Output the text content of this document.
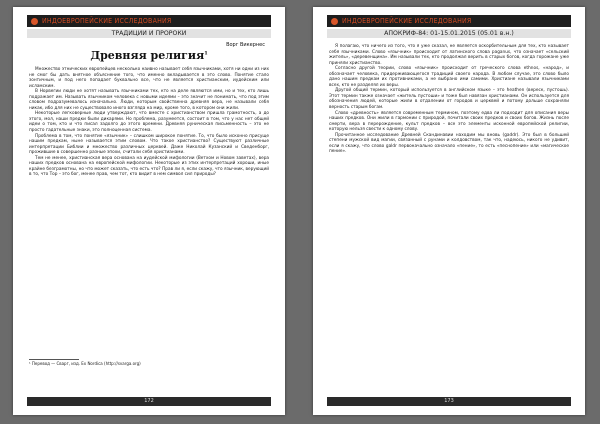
ИНДОЕВРОПЕЙСКИЕ ИССЛЕДОВАНИЯ
ТРАДИЦИИ И ПРОРОКИ
Ворг Викернес
Древняя религия$^1$

Множество этнических европейцев несколько наивно называет себя язычниками, хотя ни одни из них не смог бы дать внятное объяснение того, что именно вкладывается в это слово. Понятие стало зонтичным, и под него попадает буквально все, что не является христианским, иудейским или исламским.

В Норвегии люди не хотят называть язычниками тех, кто на деле являются ими, но и тех, кто лишь подражает им. Называть язычником человека с новыми идеями – это значит не понимать, что под этим словом подразумевалось изначально. Люди, которым свойственна древняя вера, не называли себя никак, ибо для них не существовало иного взгляда на мир, кроме того, в котором они жили.

Некоторые легковерные люди утверждают, что вместе с христианством пришла грамотность, а до этого, мол, наши предки были дикарями. Но проблема, разумеется, состоит в том, что у нас нет общей идеи о том, кто и что писал задолго до этого времени. Древняя руническая письменность – это не просто гадательные знаки, это полноценная система.

Проблема в том, что понятие «язычник» – слишком широкое понятие. То, что было исконно присуще нашим предкам, ныне называется этим словом. Что такое христианство? Существуют различные интерпретации Библии и множество различных церквей. Даже Николай Кузанский и Сведенборг, прожившие в совершенно разные эпохи, считали себя христианами.

Тем не менее, христианская вера основана на иудейской мифологии (Ветхом и Новом заветах), вера наших предков основана на европейской мифологии. Некоторые из этих интерпретаций хороши, иные крайне безграмотны, но что может сказать, что есть что? Прав ли я, если скажу, что язычник, верующий в то, что Тор – это бог, менее прав, чем тот, кто видит в нем символ сил природы?

¹ Перевод — Сварг, изд. Ex Nordica (http://svarga.org)
172
ИНДОЕВРОПЕЙСКИЕ ИССЛЕДОВАНИЯ
АПОКРИФ-84: 01-15.01.2015 (05.01 в.н.)

Я полагаю, что ничего из того, что я уже сказал, не является оскорбительным для тех, кто называет себя язычниками. Слово «язычник» происходит от латинского слова paganus, что означает «сельский житель», «деревенщина». Им называли тех, кто продолжал верить в старых богов, когда горожане уже приняли христианство.

Согласно другой теории, слово «язычник» происходит от греческого слова ethnos, «народ», и обозначает человека, придерживающегося традиций своего народа. В любом случае, это слово было дано нашим предкам их противниками, а не выбрано ими самими. Христиане называли язычниками всех, кто не разделял их веры.

Другой общий термин, который используется в английском языке – это heathen (вереск, пустошь). Этот термин также означает «житель пустоши» и тоже был навязан христианами. Он используется для обозначения людей, которые жили в отдалении от городов и церквей и потому дольше сохраняли верность старым богам.

Слово «древность» является современным термином, поэтому едва ли подходит для описания веры наших предков. Они жили в гармонии с природой, почитали своих предков и своих богов. Жизнь после смерти, вера в перерождение, культ предков – все это элементы исконной европейской религии, которую нельзя свести к одному слову.

Прочитанное исследование Древней Скандинавии находим мы вновь (gaddr). Это был в большей степени мужской вид магии, связанный с рунами и колдовством, так что, надеюсь, никого не удивит, если я скажу, что слово galdr первоначально означало «пение», то есть «песнопение» или «магическое пение».

173
